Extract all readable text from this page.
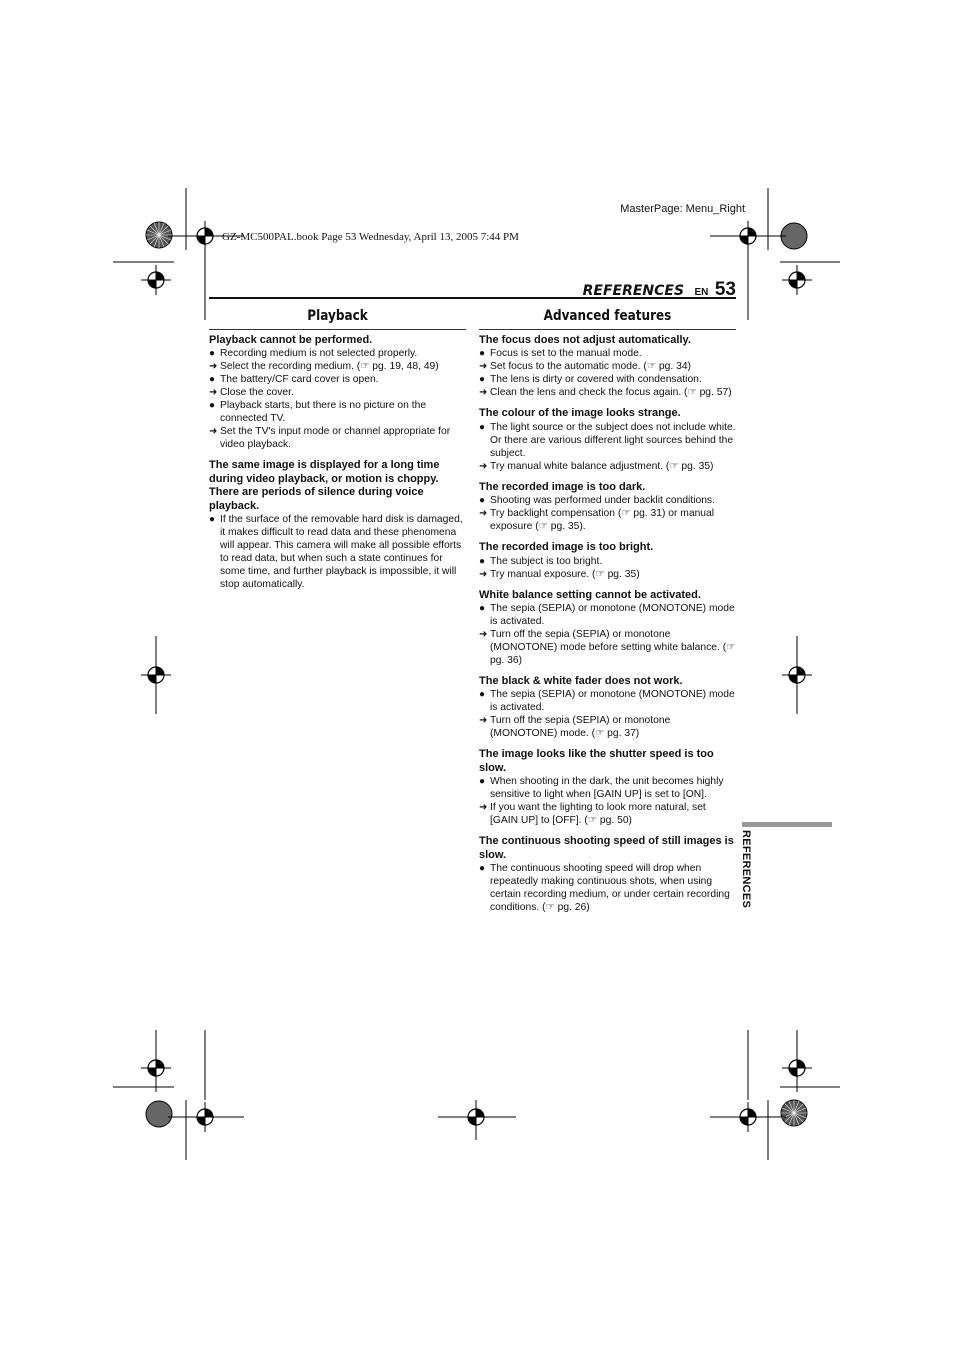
MasterPage: Menu_Right
GZ-MC500PAL.book Page 53 Wednesday, April 13, 2005 7:44 PM
REFERENCES EN 53
Playback
Playback cannot be performed.
● Recording medium is not selected properly.
➜ Select the recording medium. (☞ pg. 19, 48, 49)
● The battery/CF card cover is open.
➜ Close the cover.
● Playback starts, but there is no picture on the connected TV.
➜ Set the TV's input mode or channel appropriate for video playback.
The same image is displayed for a long time during video playback, or motion is choppy. There are periods of silence during voice playback.
● If the surface of the removable hard disk is damaged, it makes difficult to read data and these phenomena will appear. This camera will make all possible efforts to read data, but when such a state continues for some time, and further playback is impossible, it will stop automatically.
Advanced features
The focus does not adjust automatically.
● Focus is set to the manual mode.
➜ Set focus to the automatic mode. (☞ pg. 34)
● The lens is dirty or covered with condensation.
➜ Clean the lens and check the focus again. (☞ pg. 57)
The colour of the image looks strange.
● The light source or the subject does not include white. Or there are various different light sources behind the subject.
➜ Try manual white balance adjustment. (☞ pg. 35)
The recorded image is too dark.
● Shooting was performed under backlit conditions.
➜ Try backlight compensation (☞ pg. 31) or manual exposure (☞ pg. 35).
The recorded image is too bright.
● The subject is too bright.
➜ Try manual exposure. (☞ pg. 35)
White balance setting cannot be activated.
● The sepia (SEPIA) or monotone (MONOTONE) mode is activated.
➜ Turn off the sepia (SEPIA) or monotone (MONOTONE) mode before setting white balance. (☞ pg. 36)
The black & white fader does not work.
● The sepia (SEPIA) or monotone (MONOTONE) mode is activated.
➜ Turn off the sepia (SEPIA) or monotone (MONOTONE) mode. (☞ pg. 37)
The image looks like the shutter speed is too slow.
● When shooting in the dark, the unit becomes highly sensitive to light when [GAIN UP] is set to [ON].
➜ If you want the lighting to look more natural, set [GAIN UP] to [OFF]. (☞ pg. 50)
The continuous shooting speed of still images is slow.
● The continuous shooting speed will drop when repeatedly making continuous shots, when using certain recording medium, or under certain recording conditions. (☞ pg. 26)	REFERENCES
